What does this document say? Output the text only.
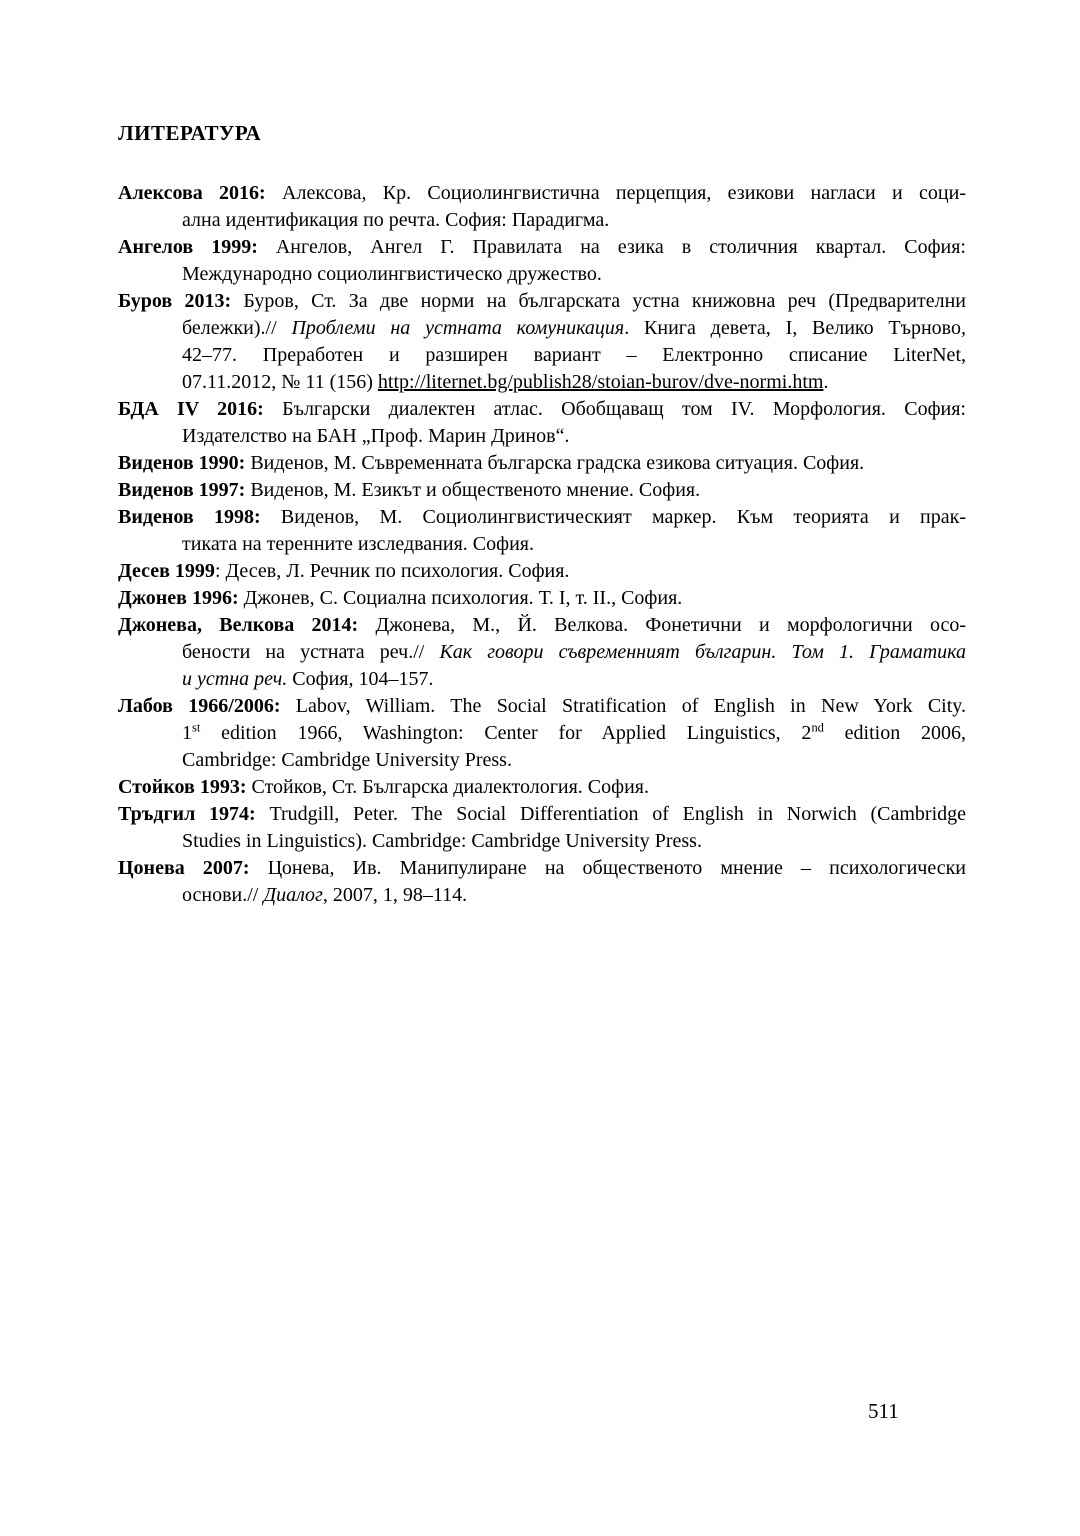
ЛИТЕРАТУРА
Алексова 2016: Алексова, Кр. Социолингвистична перцепция, езикови нагласи и соци-
ална идентификация по речта. София: Парадигма.
Ангелов 1999: Ангелов, Ангел Г. Правилата на езика в столичния квартал. София:
Международно социолингвистическо дружество.
Буров 2013: Буров, Ст. За две норми на българската устна книжовна реч (Предварителни
бележки).// Проблеми на устната комуникация. Книга девета, I, Велико Търново,
42–77. Преработен и разширен вариант – Електронно списание LiterNet,
07.11.2012, № 11 (156) http://liternet.bg/publish28/stoian-burov/dve-normi.htm.
БДА IV 2016: Български диалектен атлас. Обобщаващ том IV. Морфология. София:
Издателство на БАН „Проф. Марин Дринов“.
Виденов 1990: Виденов, М. Съвременната българска градска езикова ситуация. София.
Виденов 1997: Виденов, М. Езикът и общественото мнение. София.
Виденов 1998: Виденов, М. Социолингвистическият маркер. Към теорията и прак-
тиката на теренните изследвания. София.
Десев 1999: Десев, Л. Речник по психология. София.
Джонев 1996: Джонев, С. Социална психология. Т. I, т. II., София.
Джонева, Велкова 2014: Джонева, М., Й. Велкова. Фонетични и морфологични осо-
бености на устната реч.// Как говори съвременният българин. Том 1. Граматика
и устна реч. София, 104–157.
Лабов 1966/2006: Labov, William. The Social Stratification of English in New York City.
1st edition 1966, Washington: Center for Applied Linguistics, 2nd edition 2006,
Cambridge: Cambridge University Press.
Стойков 1993: Стойков, Ст. Българска диалектология. София.
Тръдгил 1974: Trudgill, Peter. The Social Differentiation of English in Norwich (Cambridge
Studies in Linguistics). Cambridge: Cambridge University Press.
Цонева 2007: Цонева, Ив. Манипулиране на общественото мнение – психологически
основи.// Диалог, 2007, 1, 98–114.
511
